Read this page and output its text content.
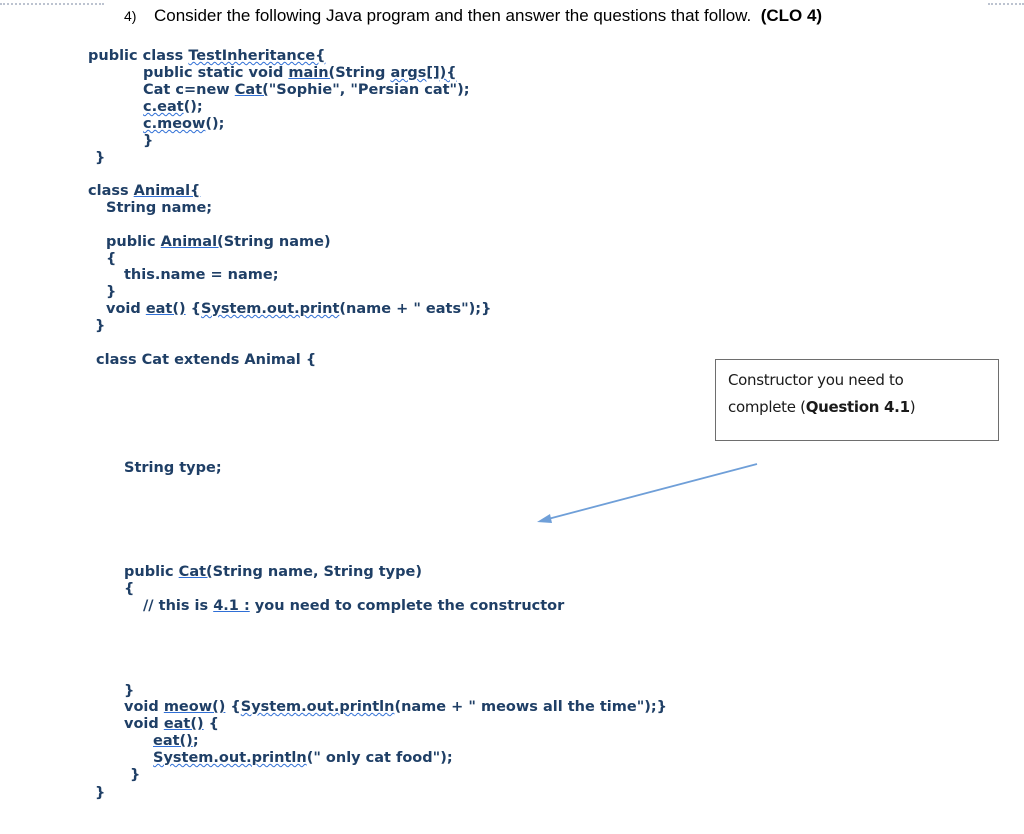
4) Consider the following Java program and then answer the questions that follow. (CLO 4)
public class TestInheritance{
public static void main(String args[]){
Cat c=new Cat("Sophie", "Persian cat");
c.eat();
c.meow();
}
}
class Animal{
String name;
public Animal(String name)
{
this.name = name;
}
void eat() {System.out.print(name + " eats");}
}
class Cat extends Animal {
String type;
public Cat(String name, String type)
{
// this is 4.1 : you need to complete the constructor
}
void meow() {System.out.println(name + " meows all the time");}
void eat() {
eat();
System.out.println(" only cat food");
}
}
Constructor you need to
complete (Question 4.1)
